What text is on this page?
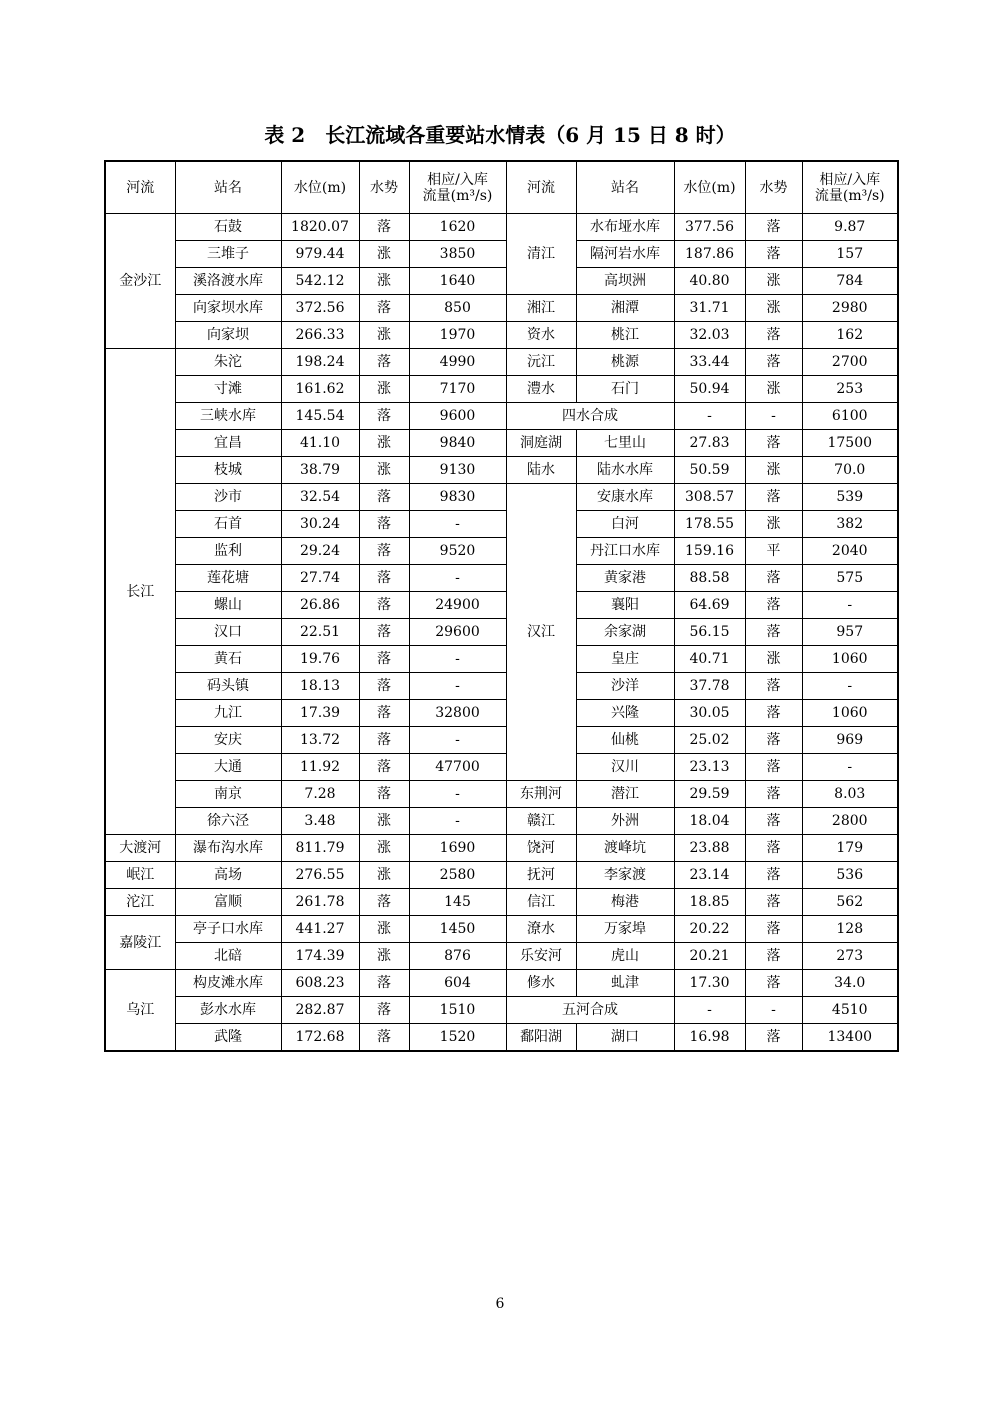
表 2　长江流域各重要站水情表（6 月 15 日 8 时）
河流	站名	水位(m)	水势	相应/入库
流量(m³/s)	河流	站名	水位(m)	水势	相应/入库
流量(m³/s)

金沙江	石鼓	1820.07	落	1620	清江	水布垭水库	377.56	落	9.87
	三堆子	979.44	涨	3850		隔河岩水库	187.86	落	157
	溪洛渡水库	542.12	涨	1640		高坝洲	40.80	涨	784
	向家坝水库	372.56	落	850	湘江	湘潭	31.71	涨	2980
	向家坝	266.33	涨	1970	资水	桃江	32.03	落	162
长江	朱沱	198.24	落	4990	沅江	桃源	33.44	落	2700
	寸滩	161.62	涨	7170	澧水	石门	50.94	涨	253
	三峡水库	145.54	落	9600	四水合成		-	-	6100
	宜昌	41.10	涨	9840	洞庭湖	七里山	27.83	落	17500
	枝城	38.79	涨	9130	陆水	陆水水库	50.59	涨	70.0
	沙市	32.54	落	9830	汉江	安康水库	308.57	落	539
	石首	30.24	落	-		白河	178.55	涨	382
	监利	29.24	落	9520		丹江口水库	159.16	平	2040
	莲花塘	27.74	落	-		黄家港	88.58	落	575
	螺山	26.86	落	24900		襄阳	64.69	落	-
	汉口	22.51	落	29600		余家湖	56.15	落	957
	黄石	19.76	落	-		皇庄	40.71	涨	1060
	码头镇	18.13	落	-		沙洋	37.78	落	-
	九江	17.39	落	32800		兴隆	30.05	落	1060
	安庆	13.72	落	-		仙桃	25.02	落	969
	大通	11.92	落	47700		汉川	23.13	落	-
	南京	7.28	落	-	东荆河	潜江	29.59	落	8.03
	徐六泾	3.48	涨	-	赣江	外洲	18.04	落	2800
大渡河	瀑布沟水库	811.79	涨	1690	饶河	渡峰坑	23.88	落	179
岷江	高场	276.55	涨	2580	抚河	李家渡	23.14	落	536
沱江	富顺	261.78	落	145	信江	梅港	18.85	落	562
嘉陵江	亭子口水库	441.27	涨	1450	潦水	万家埠	20.22	落	128
	北碚	174.39	涨	876	乐安河	虎山	20.21	落	273
乌江	构皮滩水库	608.23	落	604	修水	虬津	17.30	落	34.0
	彭水水库	282.87	落	1510	五河合成		-	-	4510
	武隆	172.68	落	1520	鄱阳湖	湖口	16.98	落	13400
6
